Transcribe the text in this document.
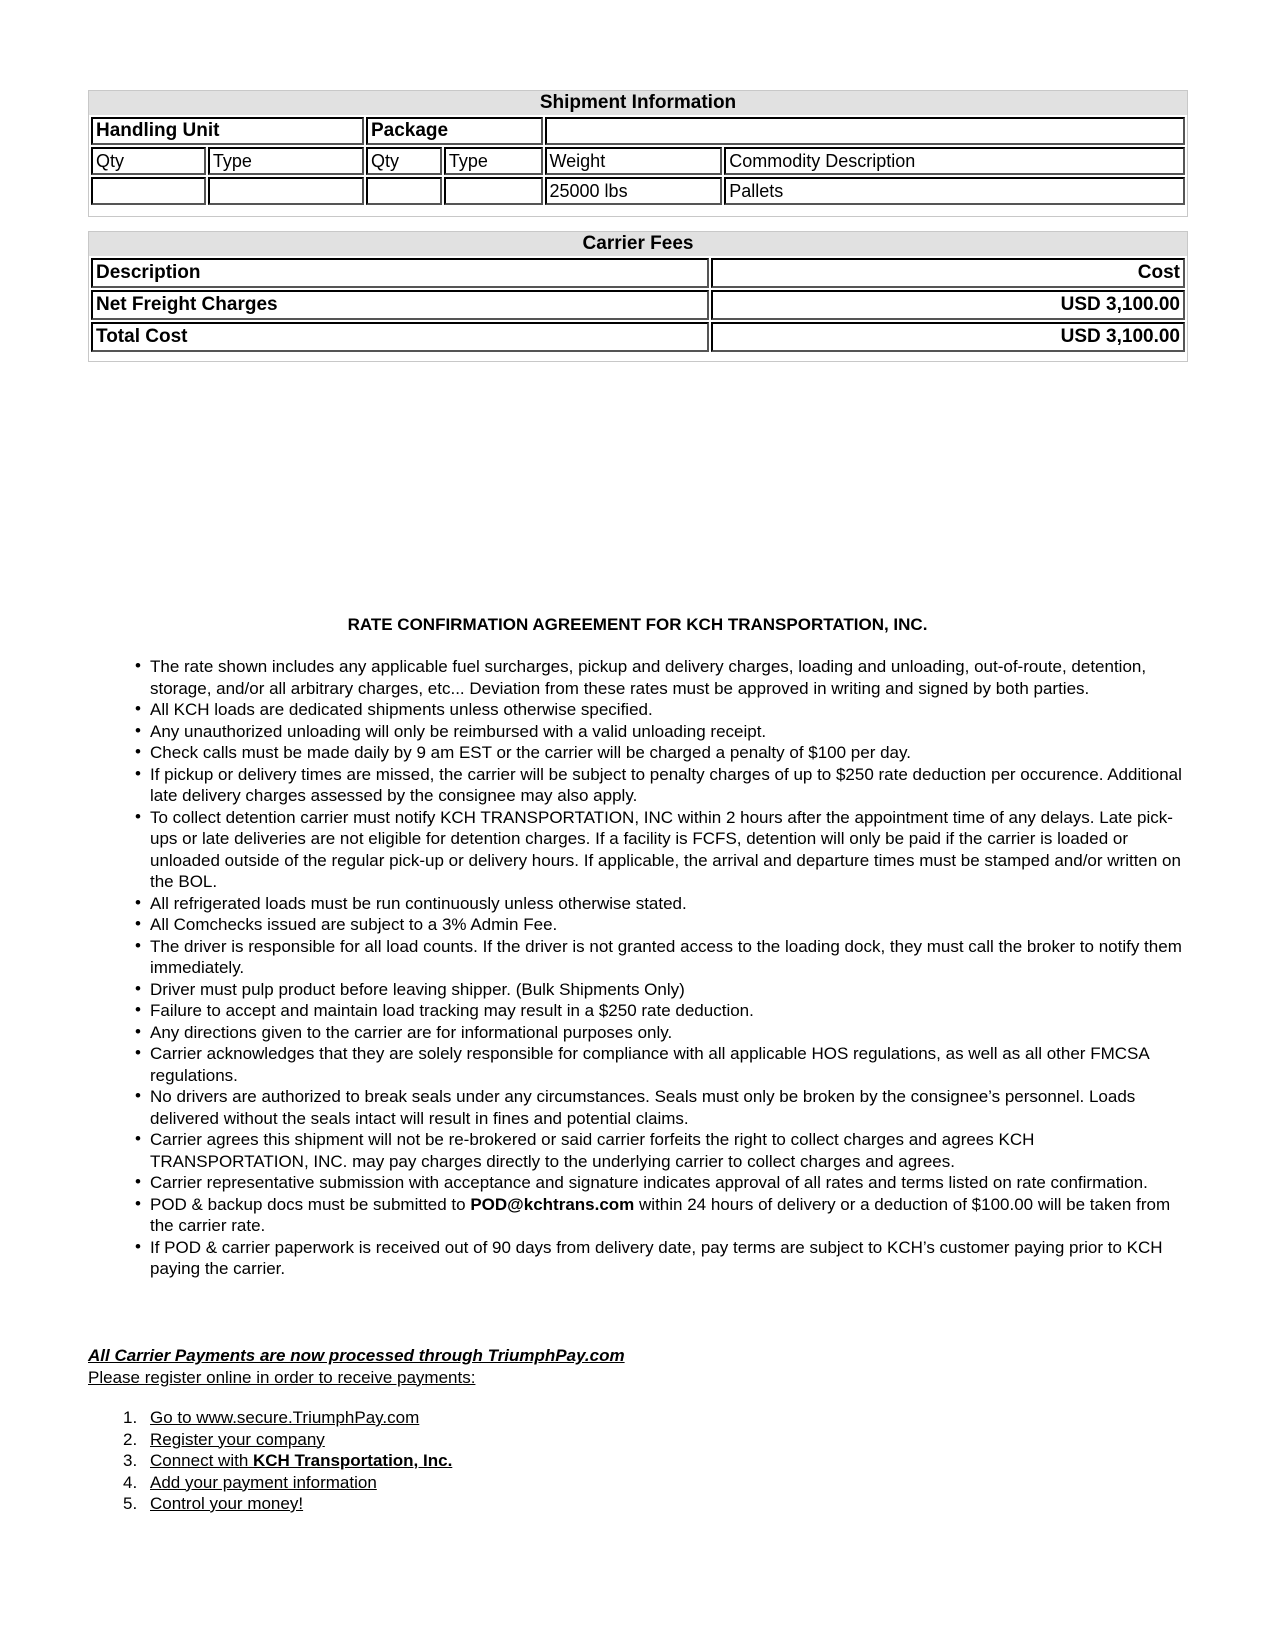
Shipment Information
Handling Unit		Package			
Qty	Type	Qty	Type	Weight	Commodity Description
				25000 lbs	Pallets
Carrier Fees
Description	Cost
Net Freight Charges	USD 3,100.00
Total Cost	USD 3,100.00
RATE CONFIRMATION AGREEMENT FOR KCH TRANSPORTATION, INC.
• The rate shown includes any applicable fuel surcharges, pickup and delivery charges, loading and unloading, out-of-route, detention, storage, and/or all arbitrary charges, etc... Deviation from these rates must be approved in writing and signed by both parties.
• All KCH loads are dedicated shipments unless otherwise specified.
• Any unauthorized unloading will only be reimbursed with a valid unloading receipt.
• Check calls must be made daily by 9 am EST or the carrier will be charged a penalty of $100 per day.
• If pickup or delivery times are missed, the carrier will be subject to penalty charges of up to $250 rate deduction per occurence. Additional late delivery charges assessed by the consignee may also apply.
• To collect detention carrier must notify KCH TRANSPORTATION, INC within 2 hours after the appointment time of any delays. Late pick-ups or late deliveries are not eligible for detention charges. If a facility is FCFS, detention will only be paid if the carrier is loaded or unloaded outside of the regular pick-up or delivery hours. If applicable, the arrival and departure times must be stamped and/or written on the BOL.
• All refrigerated loads must be run continuously unless otherwise stated.
• All Comchecks issued are subject to a 3% Admin Fee.
• The driver is responsible for all load counts. If the driver is not granted access to the loading dock, they must call the broker to notify them immediately.
• Driver must pulp product before leaving shipper. (Bulk Shipments Only)
• Failure to accept and maintain load tracking may result in a $250 rate deduction.
• Any directions given to the carrier are for informational purposes only.
• Carrier acknowledges that they are solely responsible for compliance with all applicable HOS regulations, as well as all other FMCSA regulations.
• No drivers are authorized to break seals under any circumstances. Seals must only be broken by the consignee’s personnel. Loads delivered without the seals intact will result in fines and potential claims.
• Carrier agrees this shipment will not be re-brokered or said carrier forfeits the right to collect charges and agrees KCH TRANSPORTATION, INC. may pay charges directly to the underlying carrier to collect charges and agrees.
• Carrier representative submission with acceptance and signature indicates approval of all rates and terms listed on rate confirmation.
• POD & backup docs must be submitted to POD@kchtrans.com within 24 hours of delivery or a deduction of $100.00 will be taken from the carrier rate.
• If POD & carrier paperwork is received out of 90 days from delivery date, pay terms are subject to KCH’s customer paying prior to KCH paying the carrier.
All Carrier Payments are now processed through TriumphPay.com
Please register online in order to receive payments:
1. Go to www.secure.TriumphPay.com
2. Register your company
3. Connect with KCH Transportation, Inc.
4. Add your payment information
5. Control your money!
